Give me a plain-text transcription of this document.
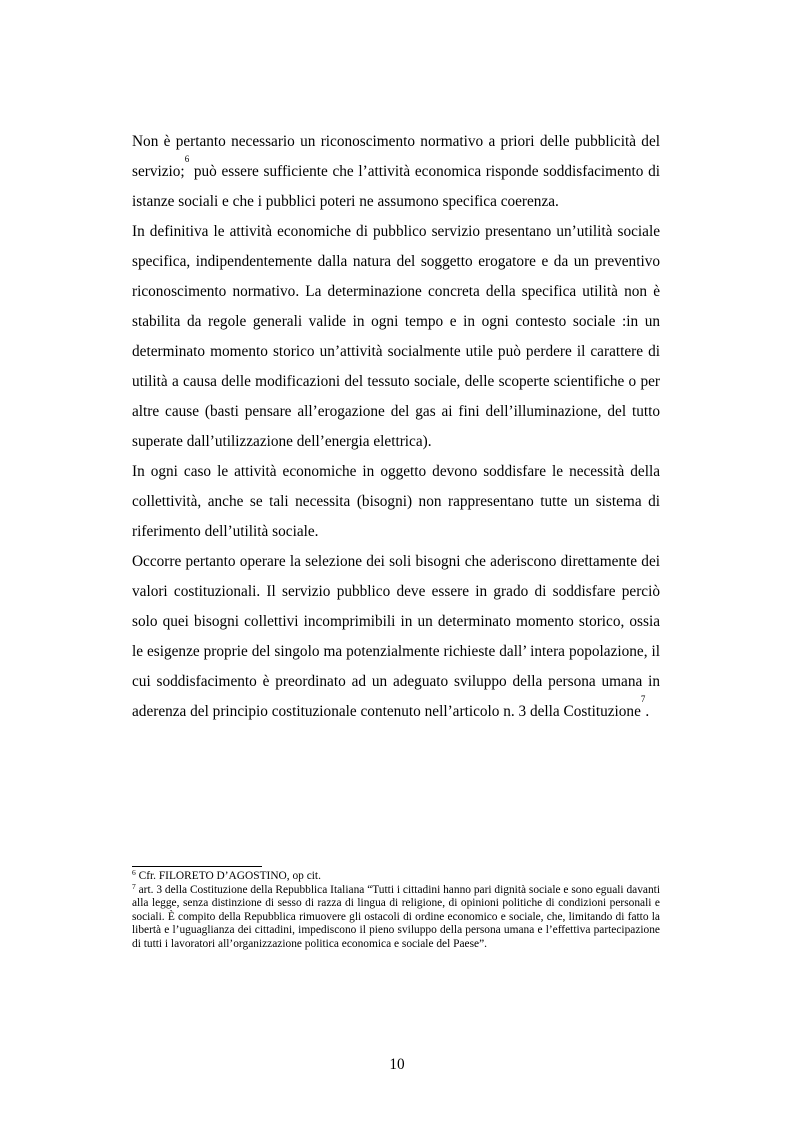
Non è pertanto necessario un riconoscimento normativo a priori delle pubblicità del servizio;$^6$ può essere sufficiente che l’attività economica risponde soddisfacimento di istanze sociali e che i pubblici poteri ne assumono specifica coerenza.

In definitiva le attività economiche di pubblico servizio presentano un’utilità sociale specifica, indipendentemente dalla natura del soggetto erogatore e da un preventivo riconoscimento normativo. La determinazione concreta della specifica utilità non è stabilita da regole generali valide in ogni tempo e in ogni contesto sociale :in un determinato momento storico un’attività socialmente utile può perdere il carattere di utilità a causa delle modificazioni del tessuto sociale, delle scoperte scientifiche o per altre cause (basti pensare all’erogazione del gas ai fini dell’illuminazione, del tutto superate dall’utilizzazione dell’energia elettrica).

In ogni caso le attività economiche in oggetto devono soddisfare le necessità della collettività, anche se tali necessita (bisogni) non rappresentano tutte un sistema di riferimento dell’utilità sociale.

Occorre pertanto operare la selezione dei soli bisogni che aderiscono direttamente dei valori costituzionali. Il servizio pubblico deve essere in grado di soddisfare perciò solo quei bisogni collettivi incomprimibili in un determinato momento storico, ossia le esigenze proprie del singolo ma potenzialmente richieste dall’ intera popolazione, il cui soddisfacimento è preordinato ad un adeguato sviluppo della persona umana in aderenza del principio costituzionale contenuto nell’articolo n. 3 della Costituzione$^7$.

$^6$ Cfr. FILORETO D’AGOSTINO, op cit.

$^7$ art. 3 della Costituzione della Repubblica Italiana “Tutti i cittadini hanno pari dignità sociale e sono eguali davanti alla legge, senza distinzione di sesso di razza di lingua di religione, di opinioni politiche di condizioni personali e sociali. È compito della Repubblica rimuovere gli ostacoli di ordine economico e sociale, che, limitando di fatto la libertà e l’uguaglianza dei cittadini, impediscono il pieno sviluppo della persona umana e l’effettiva partecipazione di tutti i lavoratori all’organizzazione politica economica e sociale del Paese”.

10
